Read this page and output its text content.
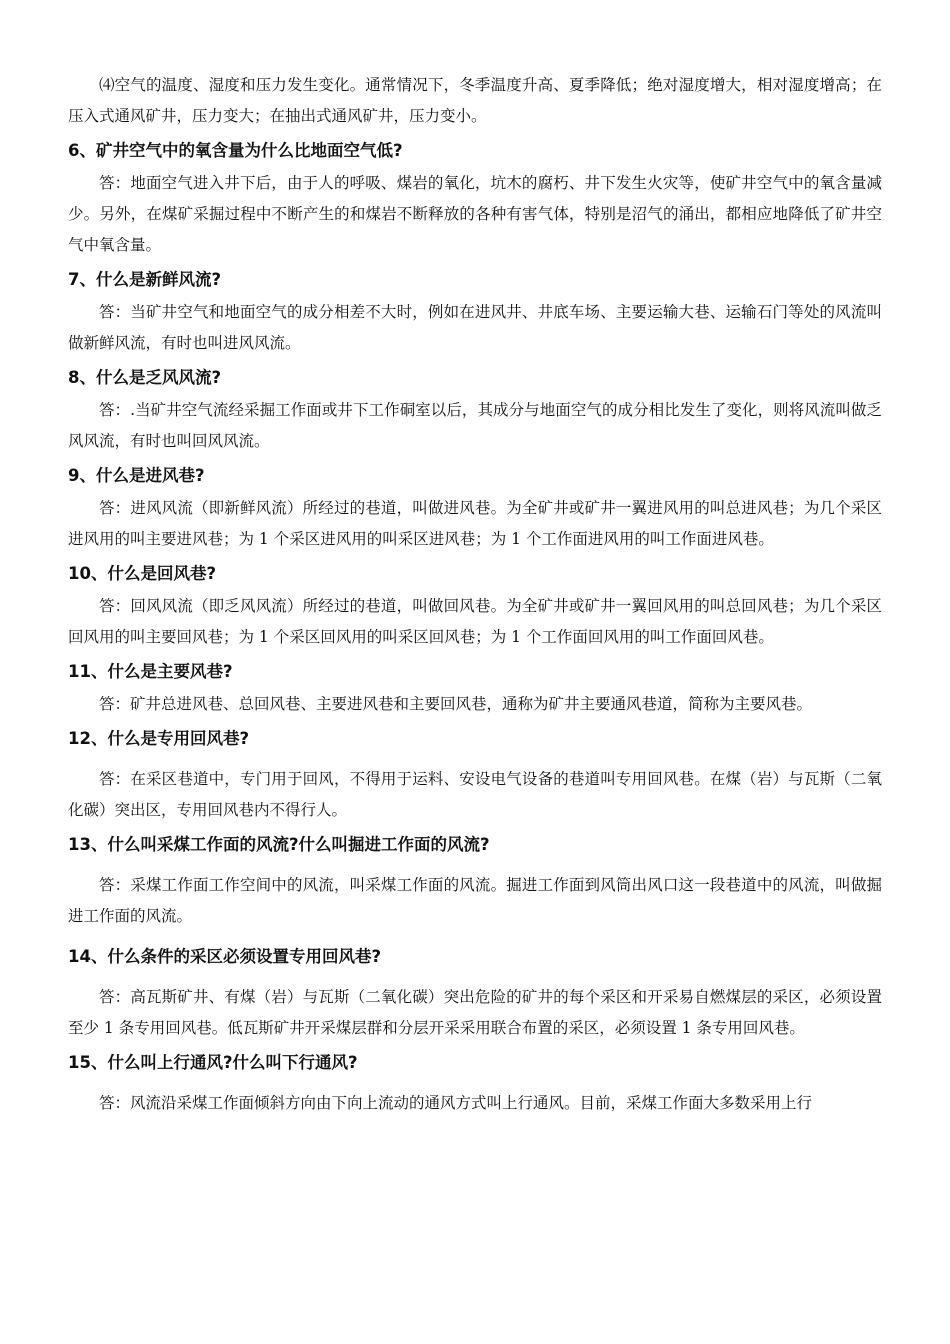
⑷空气的温度、湿度和压力发生变化。通常情况下，冬季温度升高、夏季降低；绝对湿度增大，相对湿度增高；在压入式通风矿井，压力变大；在抽出式通风矿井，压力变小。

6、矿井空气中的氧含量为什么比地面空气低?

答：地面空气进入井下后，由于人的呼吸、煤岩的氧化，坑木的腐朽、井下发生火灾等，使矿井空气中的氧含量减少。另外，在煤矿采掘过程中不断产生的和煤岩不断释放的各种有害气体，特别是沼气的涌出，都相应地降低了矿井空气中氧含量。

7、什么是新鲜风流?

答：当矿井空气和地面空气的成分相差不大时，例如在进风井、井底车场、主要运输大巷、运输石门等处的风流叫做新鲜风流，有时也叫进风风流。

8、什么是乏风风流?

答：.当矿井空气流经采掘工作面或井下工作硐室以后，其成分与地面空气的成分相比发生了变化，则将风流叫做乏风风流，有时也叫回风风流。

9、什么是进风巷?

答：进风风流（即新鲜风流）所经过的巷道，叫做进风巷。为全矿井或矿井一翼进风用的叫总进风巷；为几个采区进风用的叫主要进风巷；为 1 个采区进风用的叫采区进风巷；为 1 个工作面进风用的叫工作面进风巷。

10、什么是回风巷?

答：回风风流（即乏风风流）所经过的巷道，叫做回风巷。为全矿井或矿井一翼回风用的叫总回风巷；为几个采区回风用的叫主要回风巷；为 1 个采区回风用的叫采区回风巷；为 1 个工作面回风用的叫工作面回风巷。

11、什么是主要风巷?

答：矿井总进风巷、总回风巷、主要进风巷和主要回风巷，通称为矿井主要通风巷道，简称为主要风巷。

12、什么是专用回风巷?

答：在采区巷道中，专门用于回风，不得用于运料、安设电气设备的巷道叫专用回风巷。在煤（岩）与瓦斯（二氧化碳）突出区，专用回风巷内不得行人。

13、什么叫采煤工作面的风流?什么叫掘进工作面的风流?

答：采煤工作面工作空间中的风流，叫采煤工作面的风流。掘进工作面到风筒出风口这一段巷道中的风流，叫做掘进工作面的风流。

14、什么条件的采区必须设置专用回风巷?

答：高瓦斯矿井、有煤（岩）与瓦斯（二氧化碳）突出危险的矿井的每个采区和开采易自燃煤层的采区，必须设置至少 1 条专用回风巷。低瓦斯矿井开采煤层群和分层开采采用联合布置的采区，必须设置 1 条专用回风巷。

15、什么叫上行通风?什么叫下行通风?

答：风流沿采煤工作面倾斜方向由下向上流动的通风方式叫上行通风。目前，采煤工作面大多数采用上行
